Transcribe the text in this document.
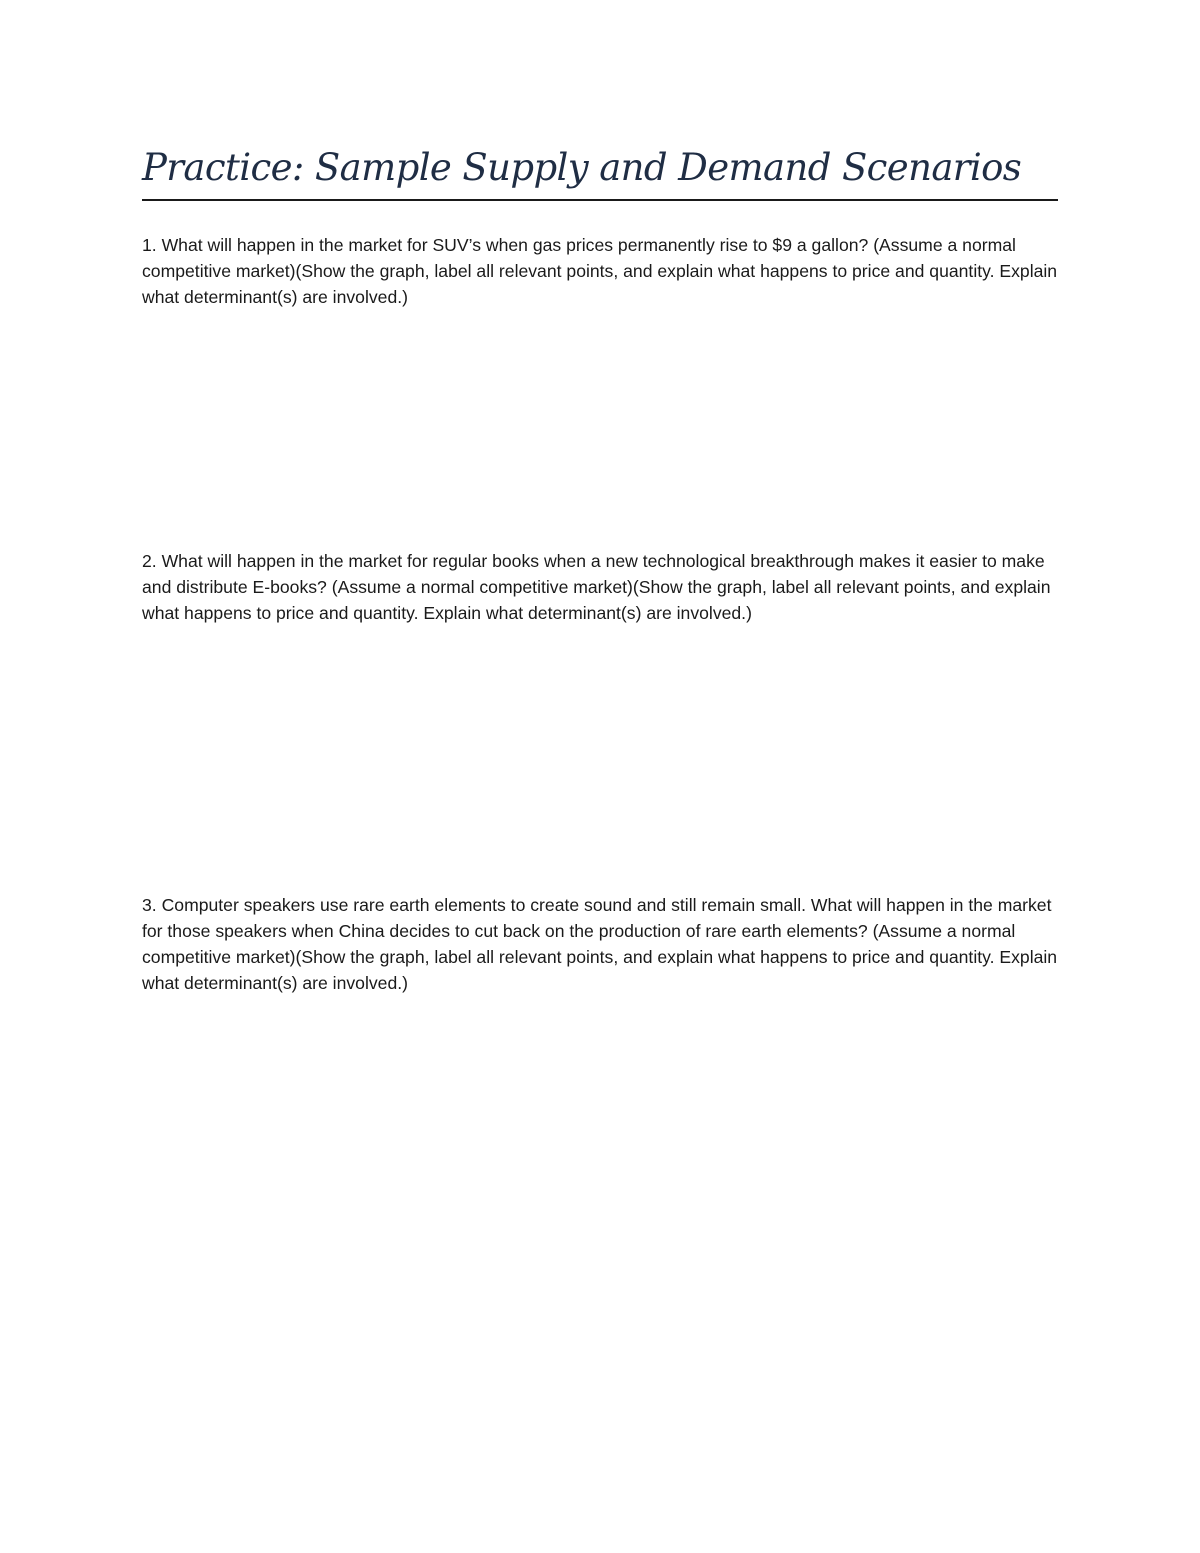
Practice: Sample Supply and Demand Scenarios

1. What will happen in the market for SUV’s when gas prices permanently rise to $9 a gallon? (Assume a normal competitive market)(Show the graph, label all relevant points, and explain what happens to price and quantity. Explain what determinant(s) are involved.)

2. What will happen in the market for regular books when a new technological breakthrough makes it easier to make and distribute E-books? (Assume a normal competitive market)(Show the graph, label all relevant points, and explain what happens to price and quantity. Explain what determinant(s) are involved.)

3. Computer speakers use rare earth elements to create sound and still remain small. What will happen in the market for those speakers when China decides to cut back on the production of rare earth elements? (Assume a normal competitive market)(Show the graph, label all relevant points, and explain what happens to price and quantity. Explain what determinant(s) are involved.)
